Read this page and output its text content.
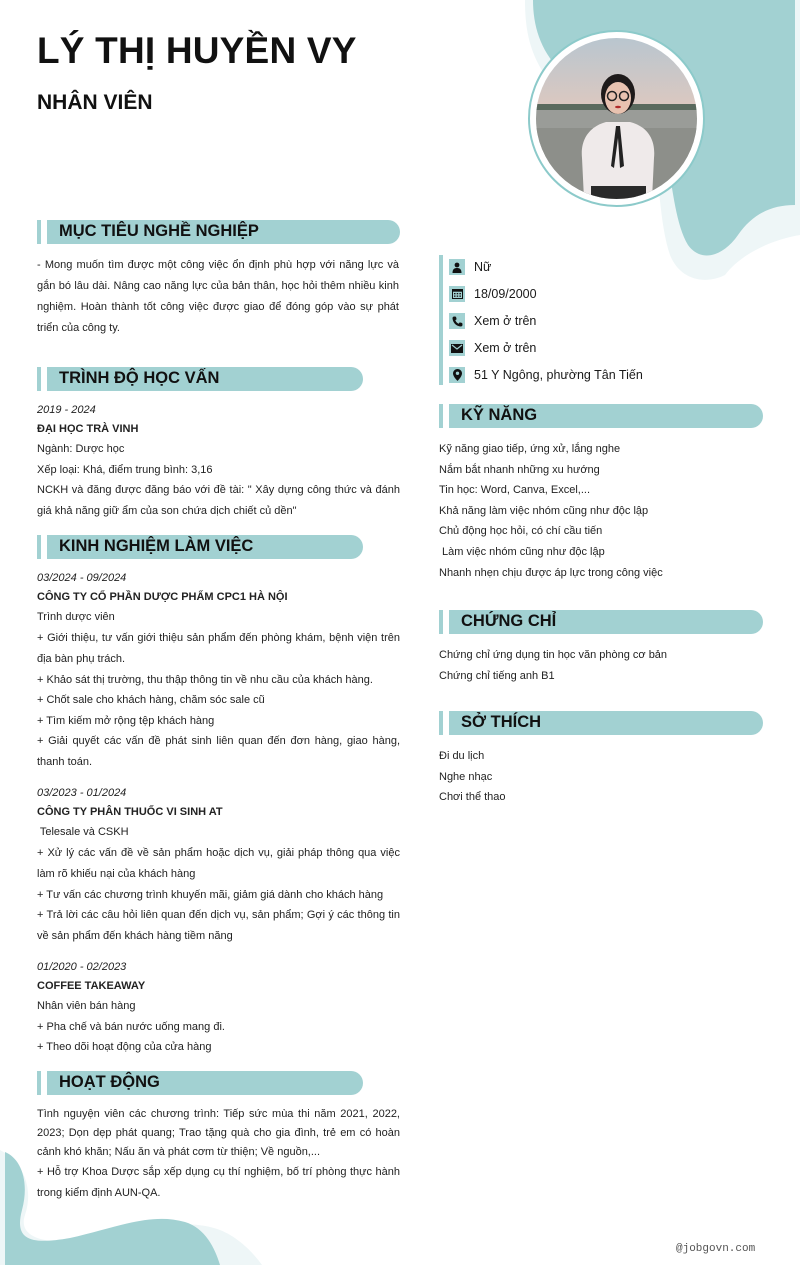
LÝ THỊ HUYỀN VY
NHÂN VIÊN
MỤC TIÊU NGHỀ NGHIỆP
- Mong muốn tìm được một công việc ổn định phù hợp với năng lực và gắn bó lâu dài. Nâng cao năng lực của bản thân, học hỏi thêm nhiều kinh nghiệm. Hoàn thành tốt công việc được giao để đóng góp vào sự phát triển của công ty.
TRÌNH ĐỘ HỌC VẤN
2019 - 2024
ĐẠI HỌC TRÀ VINH
Ngành: Dược học
Xếp loại: Khá, điểm trung bình: 3,16
NCKH và đăng được đăng báo với đề tài: " Xây dựng công thức và đánh giá khả năng giữ ẩm của son chứa dịch chiết củ dền"
KINH NGHIỆM LÀM VIỆC
03/2024 - 09/2024
CÔNG TY CỔ PHẦN DƯỢC PHẨM CPC1 HÀ NỘI
Trình dược viên
+ Giới thiệu, tư vấn giới thiệu sản phẩm đến phòng khám, bệnh viện trên địa bàn phụ trách.
+ Khảo sát thị trường, thu thập thông tin về nhu cầu của khách hàng.
+ Chốt sale cho khách hàng, chăm sóc sale cũ
+ Tìm kiếm mở rộng tệp khách hàng
+ Giải quyết các vấn đề phát sinh liên quan đến đơn hàng, giao hàng, thanh toán.
03/2023 - 01/2024
CÔNG TY PHÂN THUỐC VI SINH AT
Telesale và CSKH
+ Xử lý các vấn đề về sản phẩm hoặc dịch vụ, giải pháp thông qua việc làm rõ khiếu nại của khách hàng
+ Tư vấn các chương trình khuyến mãi, giảm giá dành cho khách hàng
+ Trả lời các câu hỏi liên quan đến dịch vụ, sản phẩm; Gợi ý các thông tin về sản phẩm đến khách hàng tiềm năng
01/2020 - 02/2023
COFFEE TAKEAWAY
Nhân viên bán hàng
+ Pha chế và bán nước uống mang đi.
+ Theo dõi hoạt động của cửa hàng
HOẠT ĐỘNG
Tình nguyện viên các chương trình: Tiếp sức mùa thi năm 2021, 2022, 2023; Dọn dẹp phát quang; Trao tặng quà cho gia đình, trẻ em có hoàn cảnh khó khăn; Nấu ăn và phát cơm từ thiện; Về nguồn,...
+ Hỗ trợ Khoa Dược sắp xếp dụng cụ thí nghiệm, bố trí phòng thực hành trong kiểm định AUN-QA.
Nữ
18/09/2000
Xem ở trên
Xem ở trên
51 Y Ngông, phường Tân Tiến
KỸ NĂNG
Kỹ năng giao tiếp, ứng xử, lắng nghe
Nắm bắt nhanh những xu hướng
Tin học: Word, Canva, Excel,...
Khả năng làm việc nhóm cũng như độc lập
Chủ động học hỏi, có chí cầu tiến
Làm việc nhóm cũng như độc lập
Nhanh nhẹn chịu được áp lực trong công việc
CHỨNG CHỈ
Chứng chỉ ứng dụng tin học văn phòng cơ bản
Chứng chỉ tiếng anh B1
SỞ THÍCH
Đi du lịch
Nghe nhạc
Chơi thể thao
@jobgovn.com
